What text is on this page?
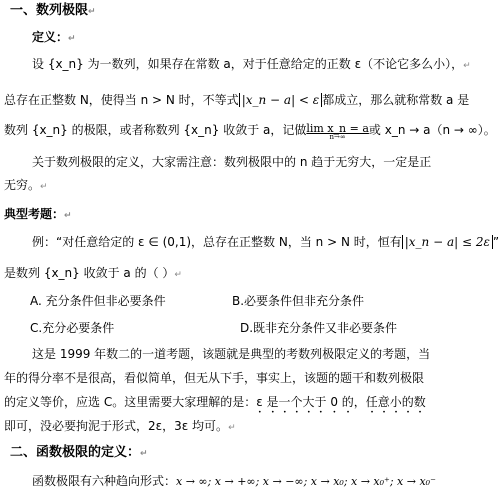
一、数列极限↵
定义：↵
设 {x_n} 为一数列，如果存在常数 a，对于任意给定的正数 ε（不论它多么小），↵
总存在正整数 N，使得当 n > N 时，不等式 |x_n − a| < ε 都成立，那么就称常数 a 是
数列 {x_n} 的极限，或者称数列 {x_n} 收敛于 a，记做 lim x_n = a
n→∞	或 x_n → a（n → ∞）。
关于数列极限的定义，大家需注意：数列极限中的 n 趋于无穷大，一定是正
无穷。↵
典型考题：↵
例：“对任意给定的 ε ∈ (0,1)，总存在正整数 N，当 n > N 时，恒有 |x_n − a| ≤ 2ε ”
是数列 {x_n} 收敛于 a 的（ ）↵
A. 充分条件但非必要条件	B.必要条件但非充分条件
C.充分必要条件	D.既非充分条件又非必要条件
这是 1999 年数二的一道考题，该题就是典型的考数列极限定义的考题，当
年的得分率不是很高，看似简单，但无从下手，事实上，该题的题干和数列极限
的定义等价，应选 C。这里需要大家理解的是：ε 是一个大于 0 的，任意小的数
即可，没必要拘泥于形式，2ε，3ε 均可。↵
二、函数极限的定义：↵
函数极限有六种趋向形式：x → ∞; x → +∞; x → −∞; x → x₀; x → x₀⁺; x → x₀⁻
